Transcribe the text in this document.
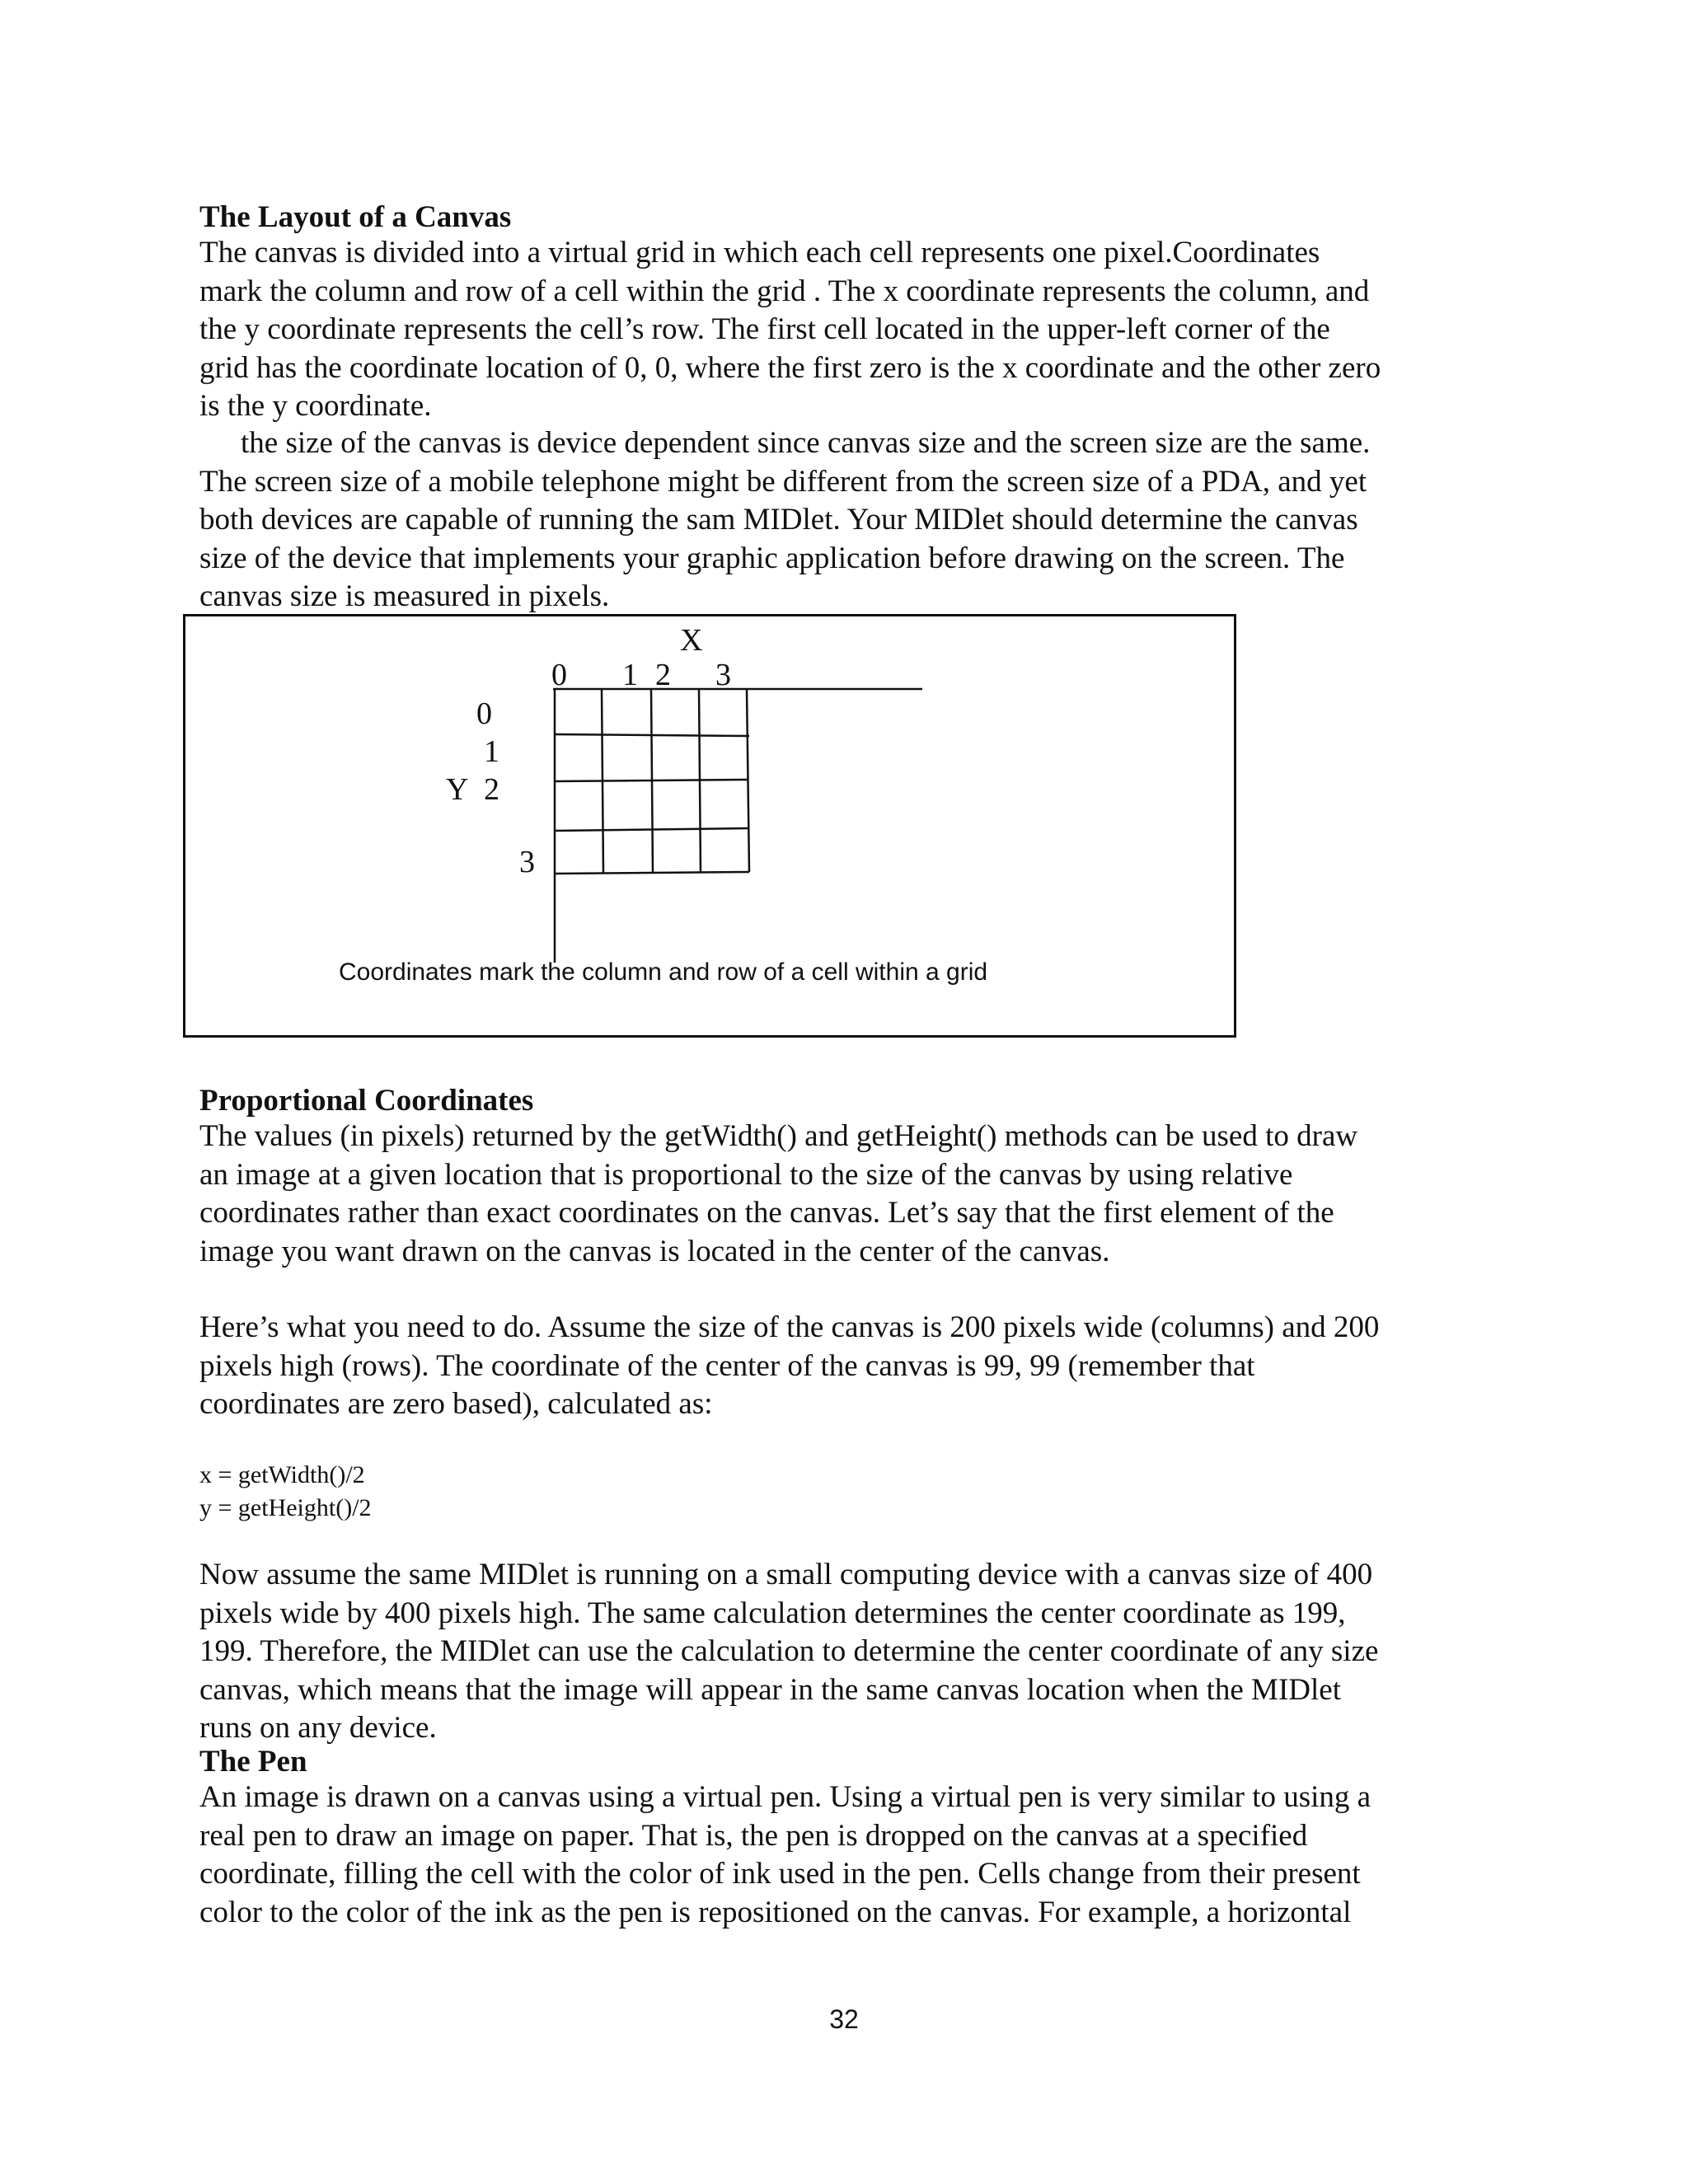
The Layout of a Canvas

The canvas is divided into a virtual grid in which each cell represents one pixel.Coordinates
mark the column and row of a cell within the grid . The x coordinate represents the column, and
the y coordinate represents the cell’s row. The first cell located in the upper-left corner of the
grid has the coordinate location of 0, 0, where the first zero is the x coordinate and the other zero
is the y coordinate.

the size of the canvas is device dependent since canvas size and the screen size are the same.
The screen size of a mobile telephone might be different from the screen size of a PDA, and yet
both devices are capable of running the sam MIDlet. Your MIDlet should determine the canvas
size of the device that implements your graphic application before drawing on the screen. The
canvas size is measured in pixels.

X
0 1 2 3
0
1
Y 2
3
Coordinates mark the column and row of a cell within a grid
Proportional Coordinates

The values (in pixels) returned by the getWidth() and getHeight() methods can be used to draw
an image at a given location that is proportional to the size of the canvas by using relative
coordinates rather than exact coordinates on the canvas. Let’s say that the first element of the
image you want drawn on the canvas is located in the center of the canvas.

Here’s what you need to do. Assume the size of the canvas is 200 pixels wide (columns) and 200
pixels high (rows). The coordinate of the center of the canvas is 99, 99 (remember that
coordinates are zero based), calculated as:

x = getWidth()/2
y = getHeight()/2

Now assume the same MIDlet is running on a small computing device with a canvas size of 400
pixels wide by 400 pixels high. The same calculation determines the center coordinate as 199,
199. Therefore, the MIDlet can use the calculation to determine the center coordinate of any size
canvas, which means that the image will appear in the same canvas location when the MIDlet
runs on any device.

The Pen

An image is drawn on a canvas using a virtual pen. Using a virtual pen is very similar to using a
real pen to draw an image on paper. That is, the pen is dropped on the canvas at a specified
coordinate, filling the cell with the color of ink used in the pen. Cells change from their present
color to the color of the ink as the pen is repositioned on the canvas. For example, a horizontal

32
